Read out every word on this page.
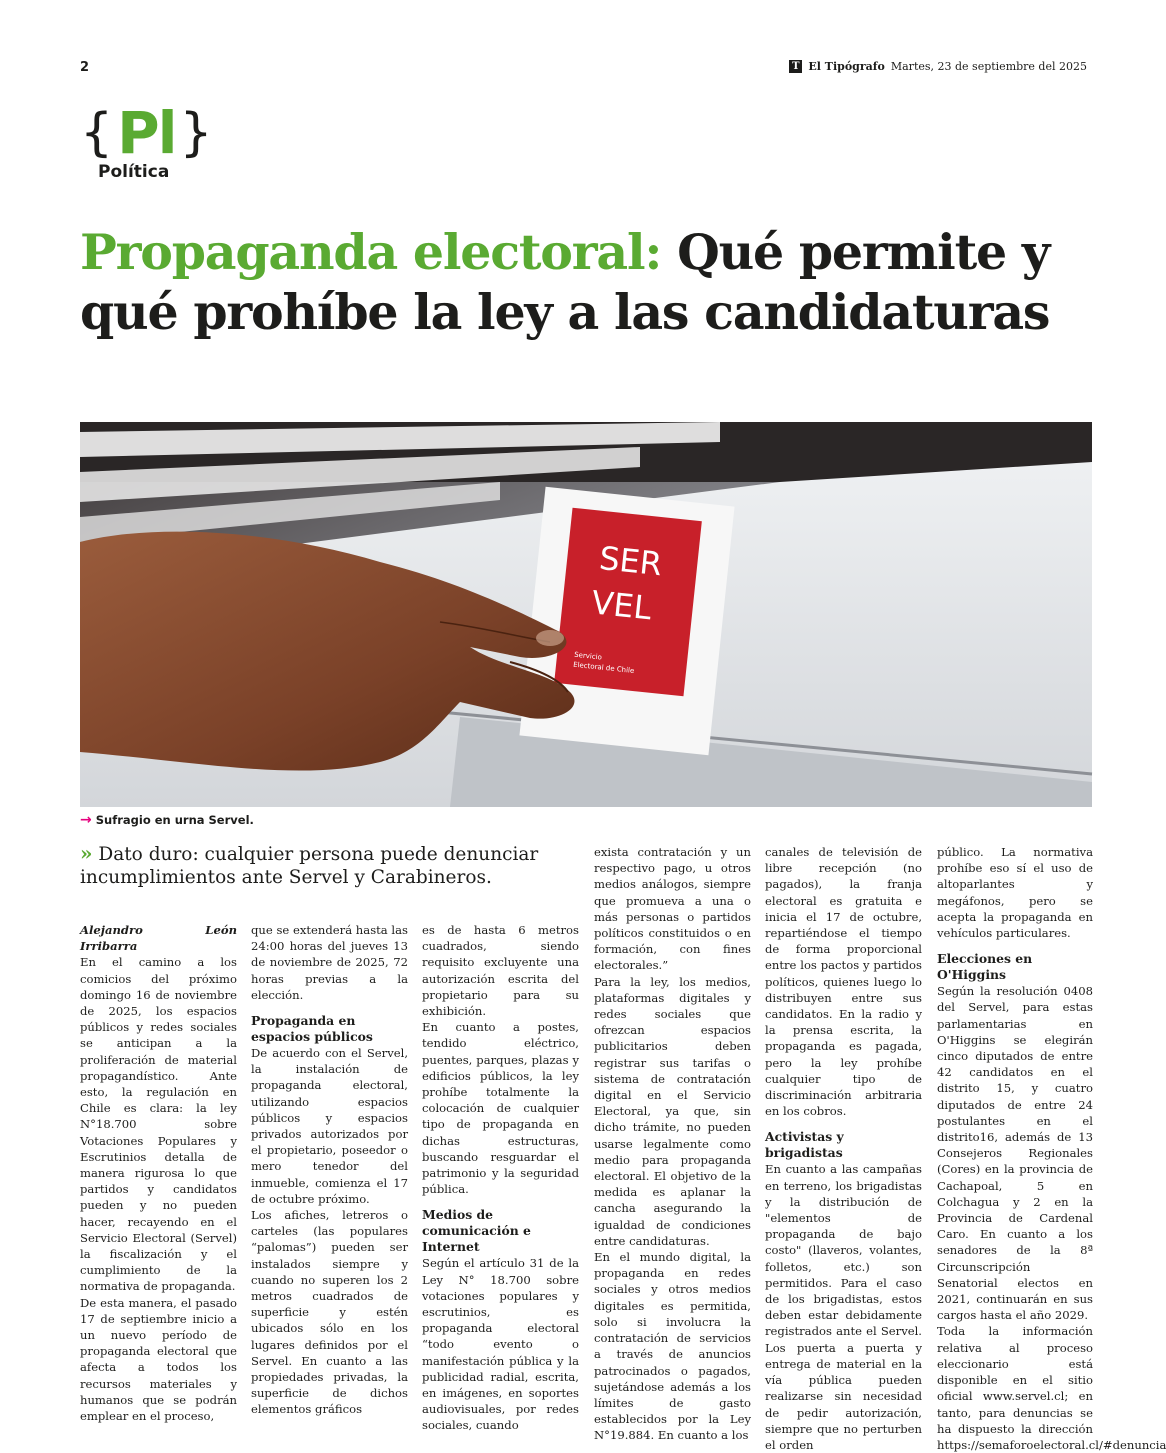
2	T El Tipógrafo Martes, 23 de septiembre del 2025
{ Pl }
Política
Propaganda electoral: Qué permite y qué prohíbe la ley a las candidaturas
SER
VEL
Servicio
Electoral de Chile
→ Sufragio en urna Servel.
» Dato duro: cualquier persona puede denunciar incumplimientos ante Servel y Carabineros.

Alejandro León Irribarra

En el camino a los comicios del próximo domingo 16 de noviembre de 2025, los espacios públicos y redes sociales se anticipan a la proliferación de material propagandístico. Ante esto, la regulación en Chile es clara: la ley N°18.700 sobre Votaciones Populares y Escrutinios detalla de manera rigurosa lo que partidos y candidatos pueden y no pueden hacer, recayendo en el Servicio Electoral (Servel) la fiscalización y el cumplimiento de la normativa de propaganda.

De esta manera, el pasado 17 de septiembre inicio a un nuevo período de propaganda electoral que afecta a todos los recursos materiales y humanos que se podrán emplear en el proceso,

que se extenderá hasta las 24:00 horas del jueves 13 de noviembre de 2025, 72 horas previas a la elección.

Propaganda en espacios públicos

De acuerdo con el Servel, la instalación de propaganda electoral, utilizando espacios públicos y espacios privados autorizados por el propietario, poseedor o mero tenedor del inmueble, comienza el 17 de octubre próximo.

Los afiches, letreros o carteles (las populares “palomas”) pueden ser instalados siempre y cuando no superen los 2 metros cuadrados de superficie y estén ubicados sólo en los lugares definidos por el Servel. En cuanto a las propiedades privadas, la superficie de dichos elementos gráficos

es de hasta 6 metros cuadrados, siendo requisito excluyente una autorización escrita del propietario para su exhibición.

En cuanto a postes, tendido eléctrico, puentes, parques, plazas y edificios públicos, la ley prohíbe totalmente la colocación de cualquier tipo de propaganda en dichas estructuras, buscando resguardar el patrimonio y la seguridad pública.

Medios de comunicación e Internet

Según el artículo 31 de la Ley N° 18.700 sobre votaciones populares y escrutinios, es propaganda electoral “todo evento o manifestación pública y la publicidad radial, escrita, en imágenes, en soportes audiovisuales, por redes sociales, cuando

exista contratación y un respectivo pago, u otros medios análogos, siempre que promueva a una o más personas o partidos políticos constituidos o en formación, con fines electorales.”

Para la ley, los medios, plataformas digitales y redes sociales que ofrezcan espacios publicitarios deben registrar sus tarifas o sistema de contratación digital en el Servicio Electoral, ya que, sin dicho trámite, no pueden usarse legalmente como medio para propaganda electoral. El objetivo de la medida es aplanar la cancha asegurando la igualdad de condiciones entre candidaturas.

En el mundo digital, la propaganda en redes sociales y otros medios digitales es permitida, solo si involucra la contratación de servicios a través de anuncios patrocinados o pagados, sujetándose además a los límites de gasto establecidos por la Ley N°19.884. En cuanto a los

canales de televisión de libre recepción (no pagados), la franja electoral es gratuita e inicia el 17 de octubre, repartiéndose el tiempo de forma proporcional entre los pactos y partidos políticos, quienes luego lo distribuyen entre sus candidatos. En la radio y la prensa escrita, la propaganda es pagada, pero la ley prohíbe cualquier tipo de discriminación arbitraria en los cobros.

Activistas y brigadistas

En cuanto a las campañas en terreno, los brigadistas y la distribución de "elementos de propaganda de bajo costo" (llaveros, volantes, folletos, etc.) son permitidos. Para el caso de los brigadistas, estos deben estar debidamente registrados ante el Servel. Los puerta a puerta y entrega de material en la vía pública pueden realizarse sin necesidad de pedir autorización, siempre que no perturben el orden

público. La normativa prohíbe eso sí el uso de altoparlantes y megáfonos, pero se acepta la propaganda en vehículos particulares.

Elecciones en O'Higgins

Según la resolución 0408 del Servel, para estas parlamentarias en O'Higgins se elegirán cinco diputados de entre 42 candidatos en el distrito 15, y cuatro diputados de entre 24 postulantes en el distrito16, además de 13 Consejeros Regionales (Cores) en la provincia de Cachapoal, 5 en Colchagua y 2 en la Provincia de Cardenal Caro. En cuanto a los senadores de la 8ª Circunscripción Senatorial electos en 2021, continuarán en sus cargos hasta el año 2029.

Toda la información relativa al proceso eleccionario está disponible en el sitio oficial www.servel.cl; en tanto, para denuncias se ha dispuesto la dirección https://semaforoelectoral.cl/#denuncia
